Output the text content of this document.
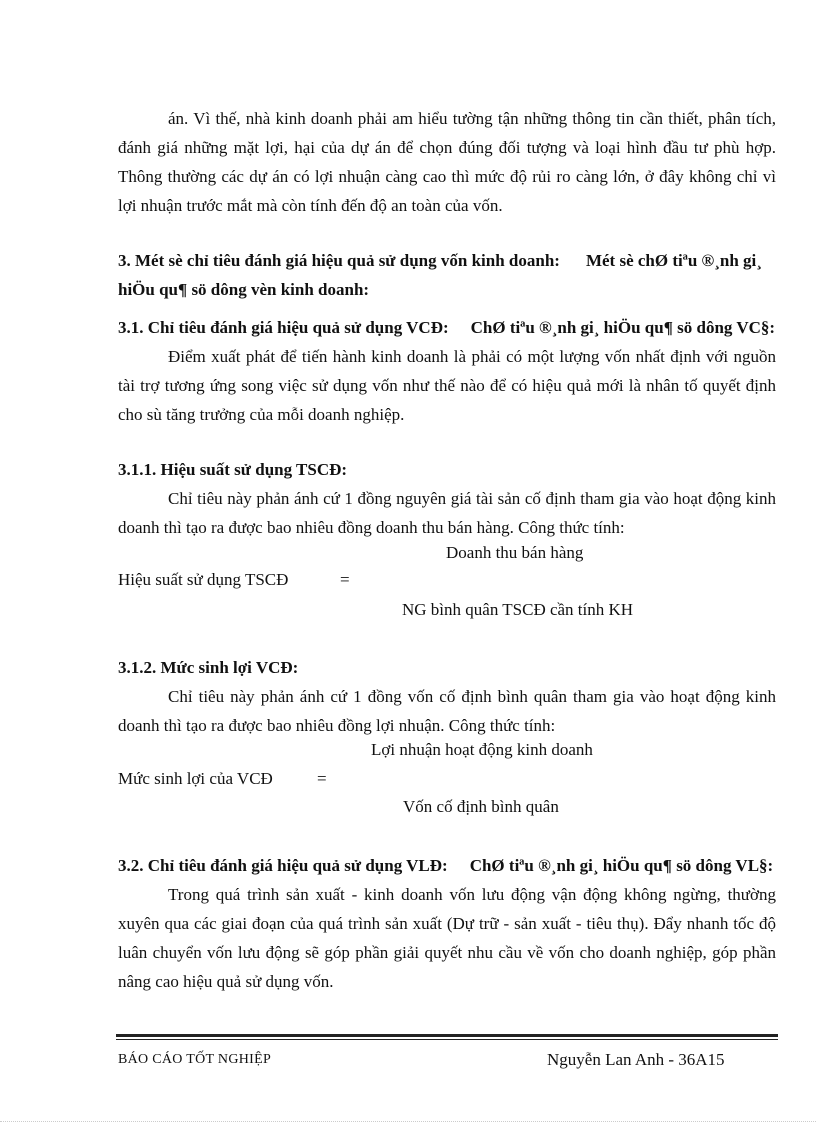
án. Vì thế, nhà kinh doanh phải am hiểu tường tận những thông tin cần thiết, phân tích, đánh giá những mặt lợi, hại của dự án để chọn đúng đối tượng và loại hình đầu tư phù hợp. Thông thường các dự án có lợi nhuận càng cao thì mức độ rủi ro càng lớn, ở đây không chỉ vì lợi nhuận trước mắt mà còn tính đến độ an toàn của vốn.

3. Mét sè chỉ tiêu đánh giá hiệu quả sử dụng vốn kinh doanh: Mét sè chØ tiªu ®¸nh gi¸ hiÖu qu¶ sö dông vèn kinh doanh:

3.1. Chỉ tiêu đánh giá hiệu quả sử dụng VCĐ: ChØ tiªu ®¸nh gi¸ hiÖu qu¶ sö dông VC§:

Điểm xuất phát để tiến hành kinh doanh là phải có một lượng vốn nhất định với nguồn tài trợ tương ứng song việc sử dụng vốn như thế nào để có hiệu quả mới là nhân tố quyết định cho sù tăng trưởng của mỗi doanh nghiệp.

3.1.1. Hiệu suất sử dụng TSCĐ:

Chỉ tiêu này phản ánh cứ 1 đồng nguyên giá tài sản cố định tham gia vào hoạt động kinh doanh thì tạo ra được bao nhiêu đồng doanh thu bán hàng. Công thức tính:

Doanh thu bán hàng
Hiệu suất sử dụng TSCĐ	=
NG bình quân TSCĐ cần tính KH

3.1.2. Mức sinh lợi VCĐ:

Chỉ tiêu này phản ánh cứ 1 đồng vốn cố định bình quân tham gia vào hoạt động kinh doanh thì tạo ra được bao nhiêu đồng lợi nhuận. Công thức tính:

Lợi nhuận hoạt động kinh doanh
Mức sinh lợi của VCĐ	=
Vốn cố định bình quân

3.2. Chỉ tiêu đánh giá hiệu quả sử dụng VLĐ: ChØ tiªu ®¸nh gi¸ hiÖu qu¶ sö dông VL§:

Trong quá trình sản xuất - kinh doanh vốn lưu động vận động không ngừng, thường xuyên qua các giai đoạn của quá trình sản xuất (Dự trữ - sản xuất - tiêu thụ). Đẩy nhanh tốc độ luân chuyển vốn lưu động sẽ góp phần giải quyết nhu cầu về vốn cho doanh nghiệp, góp phần nâng cao hiệu quả sử dụng vốn.

BÁO CÁO TỐT NGHIỆP	Nguyễn Lan Anh - 36A15
